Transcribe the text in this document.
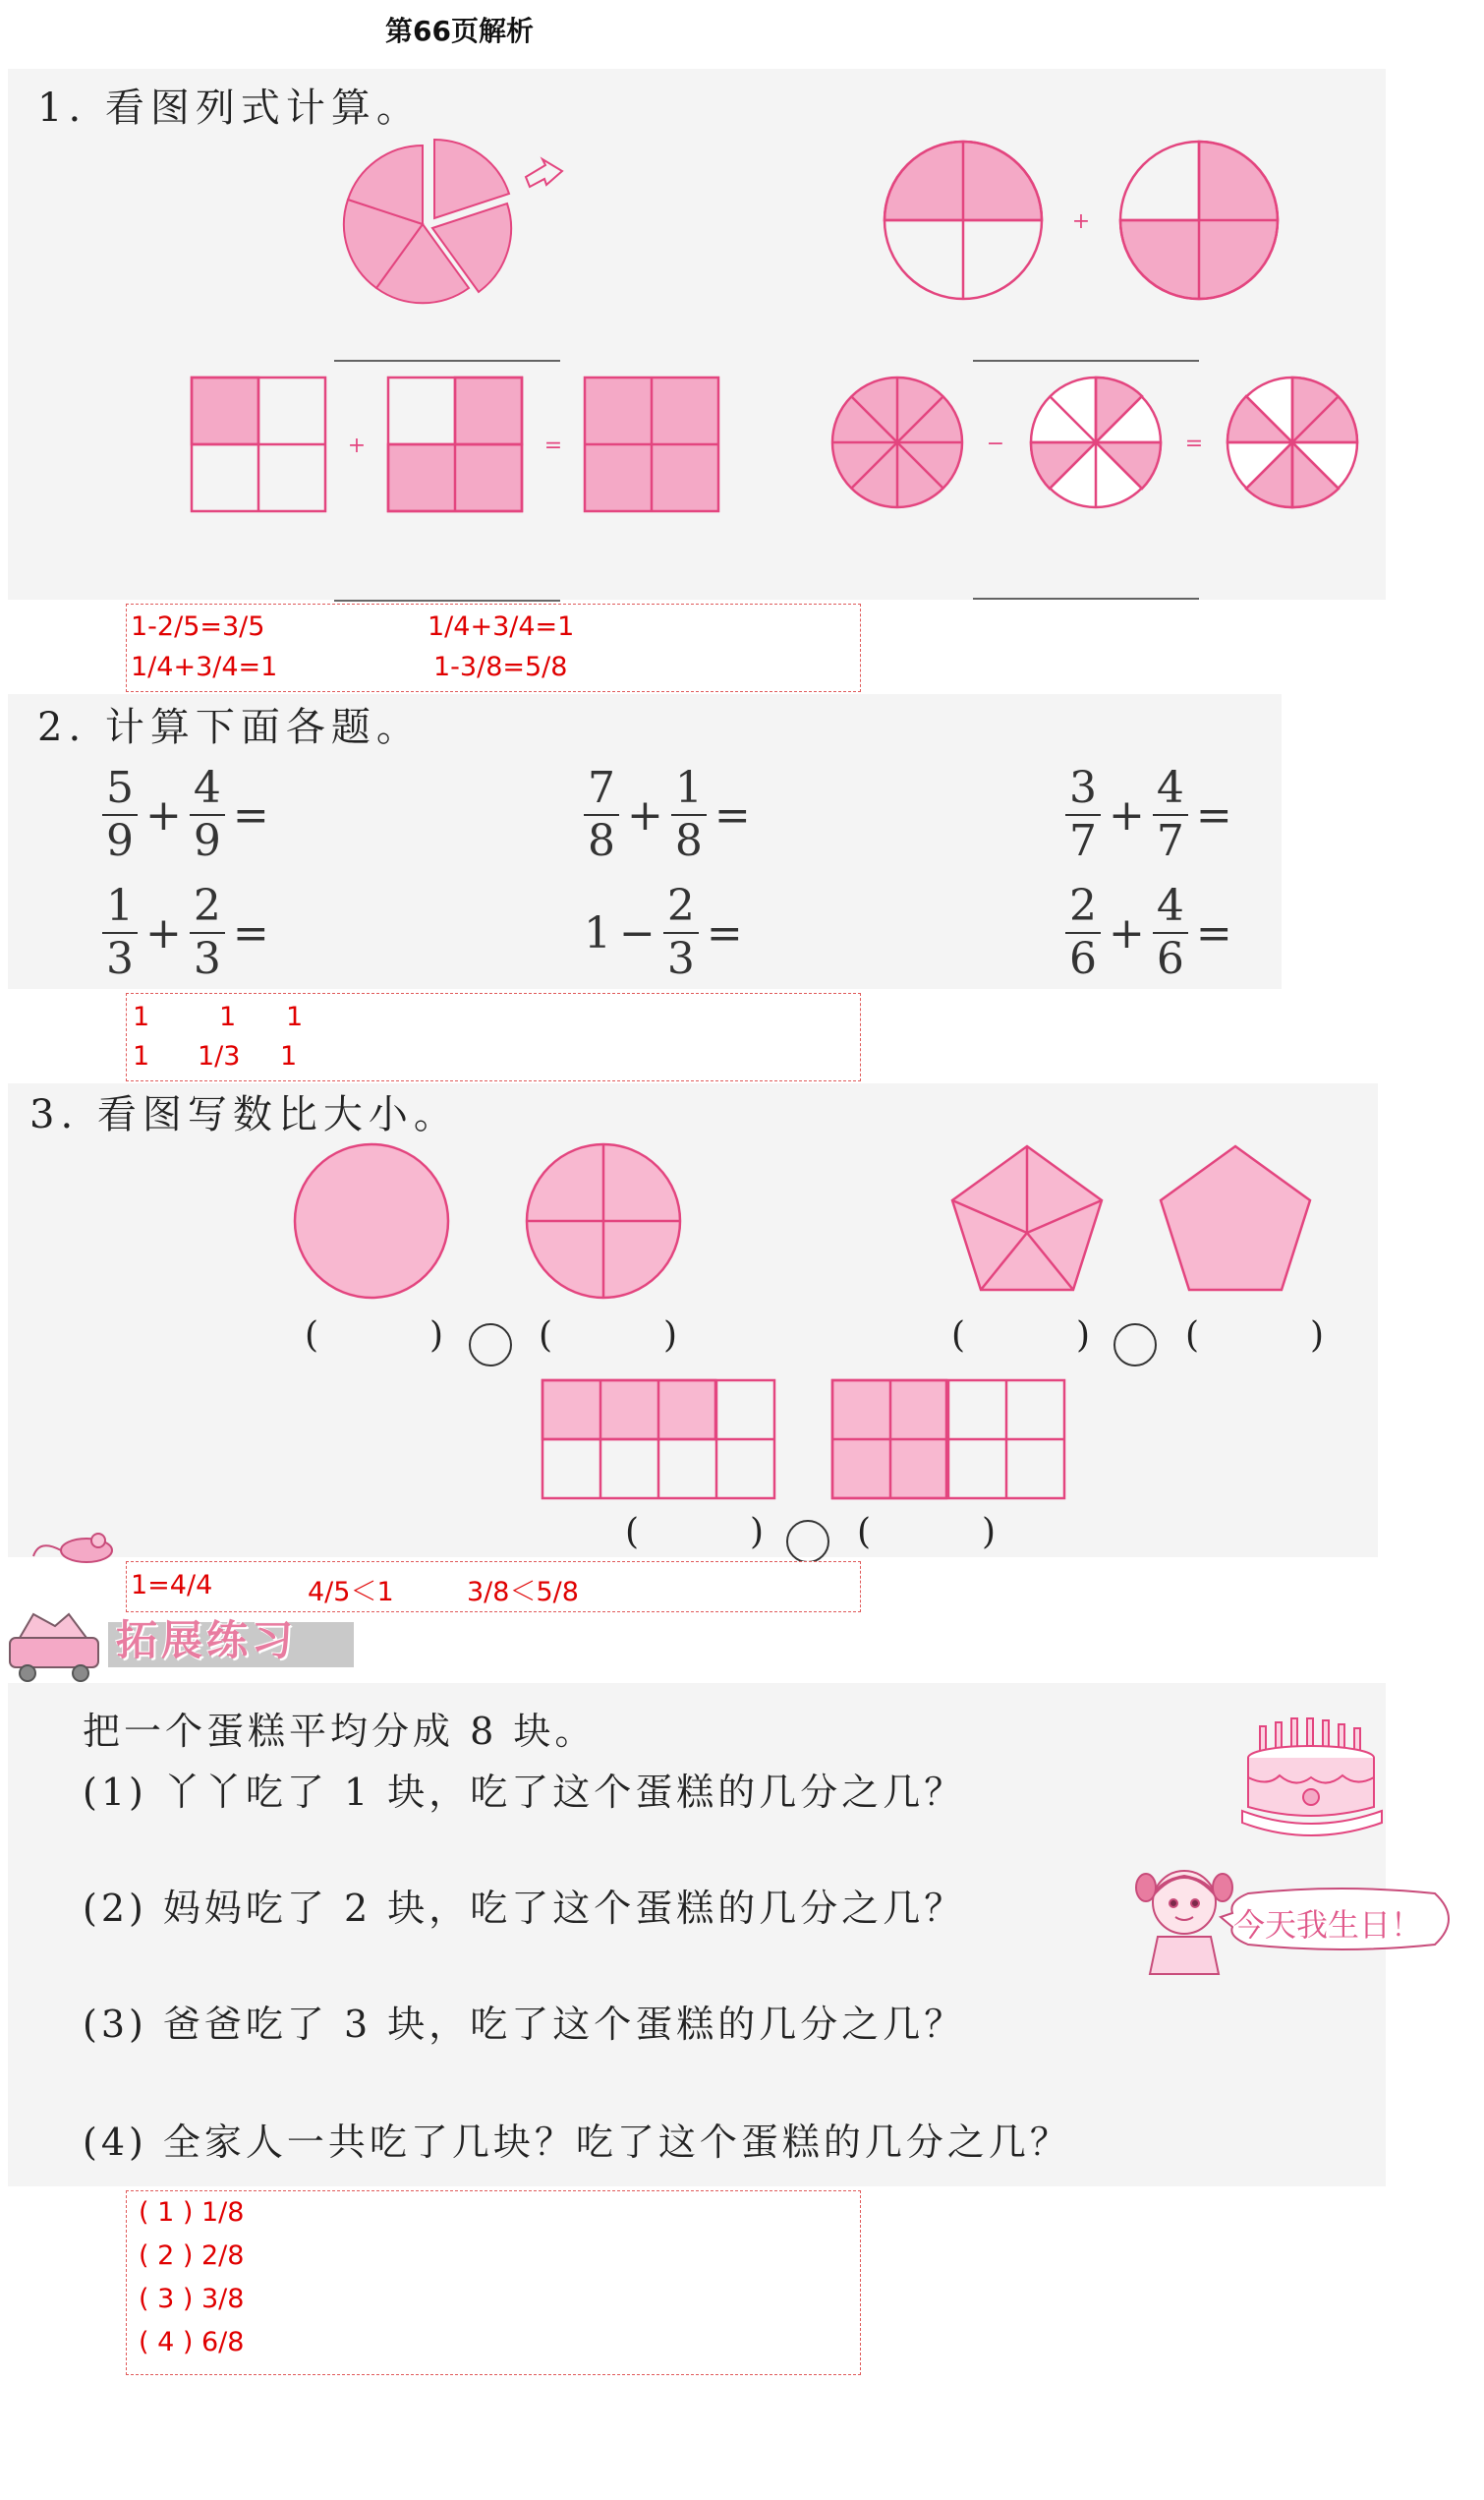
第66页解析
1. 看图列式计算。
+
+	=	−	=
1-2/5=3/5	1/4+3/4=1
1/4+3/4=1	1-3/8=5/8
2. 计算下面各题。
$\frac{5}{9} + \frac{4}{9}$ =	$\frac{7}{8} + \frac{1}{8}$ =	$\frac{3}{7} + \frac{4}{7}$ =
$\frac{1}{3} + \frac{2}{3}$ =	$1 - \frac{2}{3}$ =	$\frac{2}{6} + \frac{4}{6}$ =
1	1 1
1 1/3 1
3. 看图写数比大小。
(	)	(	)	(	)	(	)
(	)	(	)
1=4/4	4/5＜1	3/8＜5/8
拓展练习
把一个蛋糕平均分成 8 块。
(1) 丫丫吃了 1 块，吃了这个蛋糕的几分之几？
(2) 妈妈吃了 2 块，吃了这个蛋糕的几分之几？
(3) 爸爸吃了 3 块，吃了这个蛋糕的几分之几？
(4) 全家人一共吃了几块？吃了这个蛋糕的几分之几？
今天我生日！
( 1 ) 1/8
( 2 ) 2/8
( 3 ) 3/8
( 4 ) 6/8
